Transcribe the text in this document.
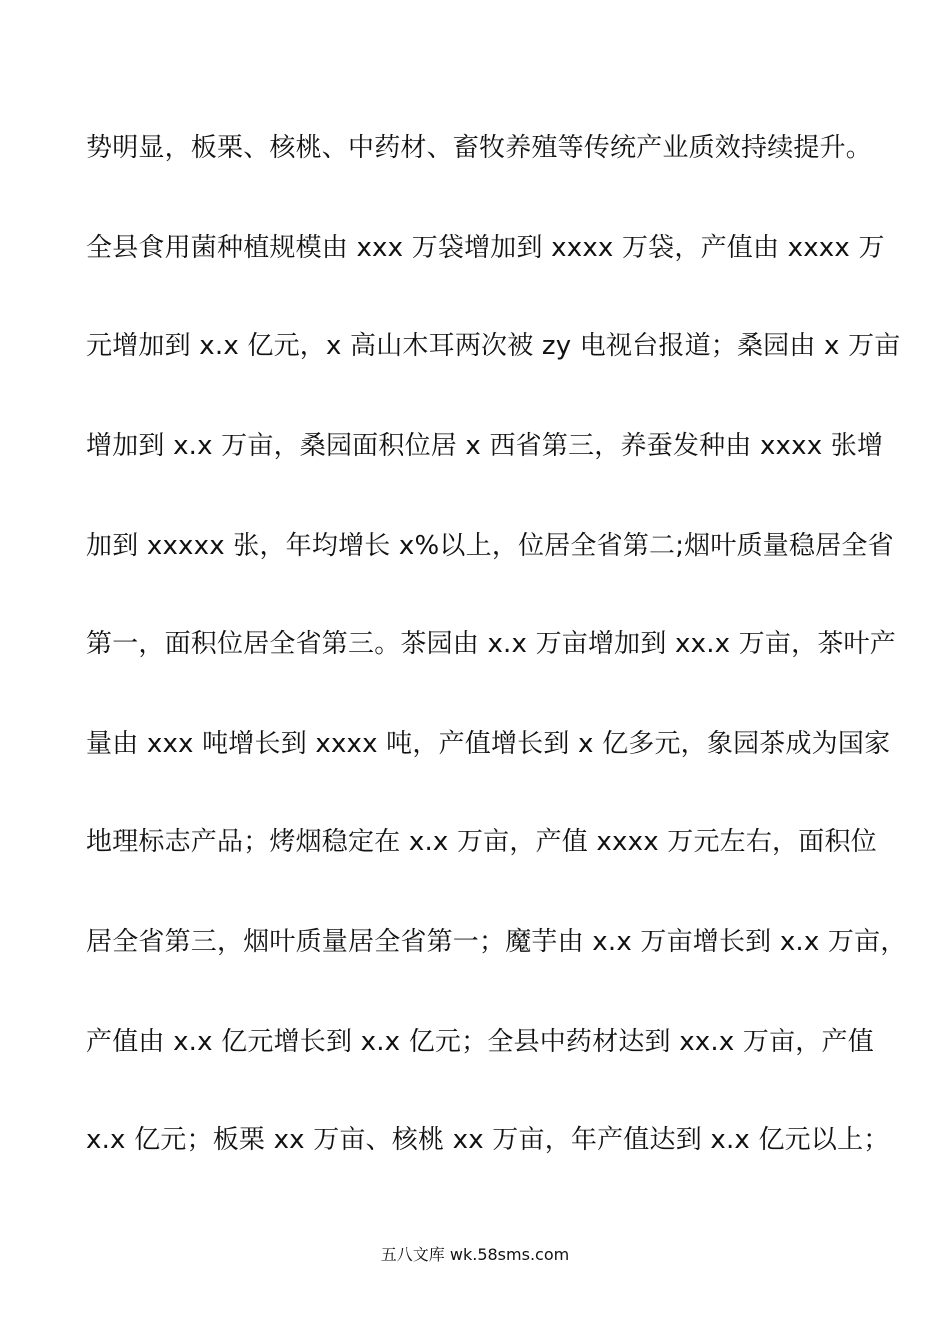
势明显，板栗、核桃、中药材、畜牧养殖等传统产业质效持续提升。
全县食用菌种植规模由 xxx 万袋增加到 xxxx 万袋，产值由 xxxx 万
元增加到 x.x 亿元，x 高山木耳两次被 zy 电视台报道；桑园由 x 万亩
增加到 x.x 万亩，桑园面积位居 x 西省第三，养蚕发种由 xxxx 张增
加到 xxxxx 张，年均增长 x%以上，位居全省第二;烟叶质量稳居全省
第一，面积位居全省第三。茶园由 x.x 万亩增加到 xx.x 万亩，茶叶产
量由 xxx 吨增长到 xxxx 吨，产值增长到 x 亿多元，象园茶成为国家
地理标志产品；烤烟稳定在 x.x 万亩，产值 xxxx 万元左右，面积位
居全省第三，烟叶质量居全省第一；魔芋由 x.x 万亩增长到 x.x 万亩，
产值由 x.x 亿元增长到 x.x 亿元；全县中药材达到 xx.x 万亩，产值
x.x 亿元；板栗 xx 万亩、核桃 xx 万亩，年产值达到 x.x 亿元以上；
五八文库 wk.58sms.com
